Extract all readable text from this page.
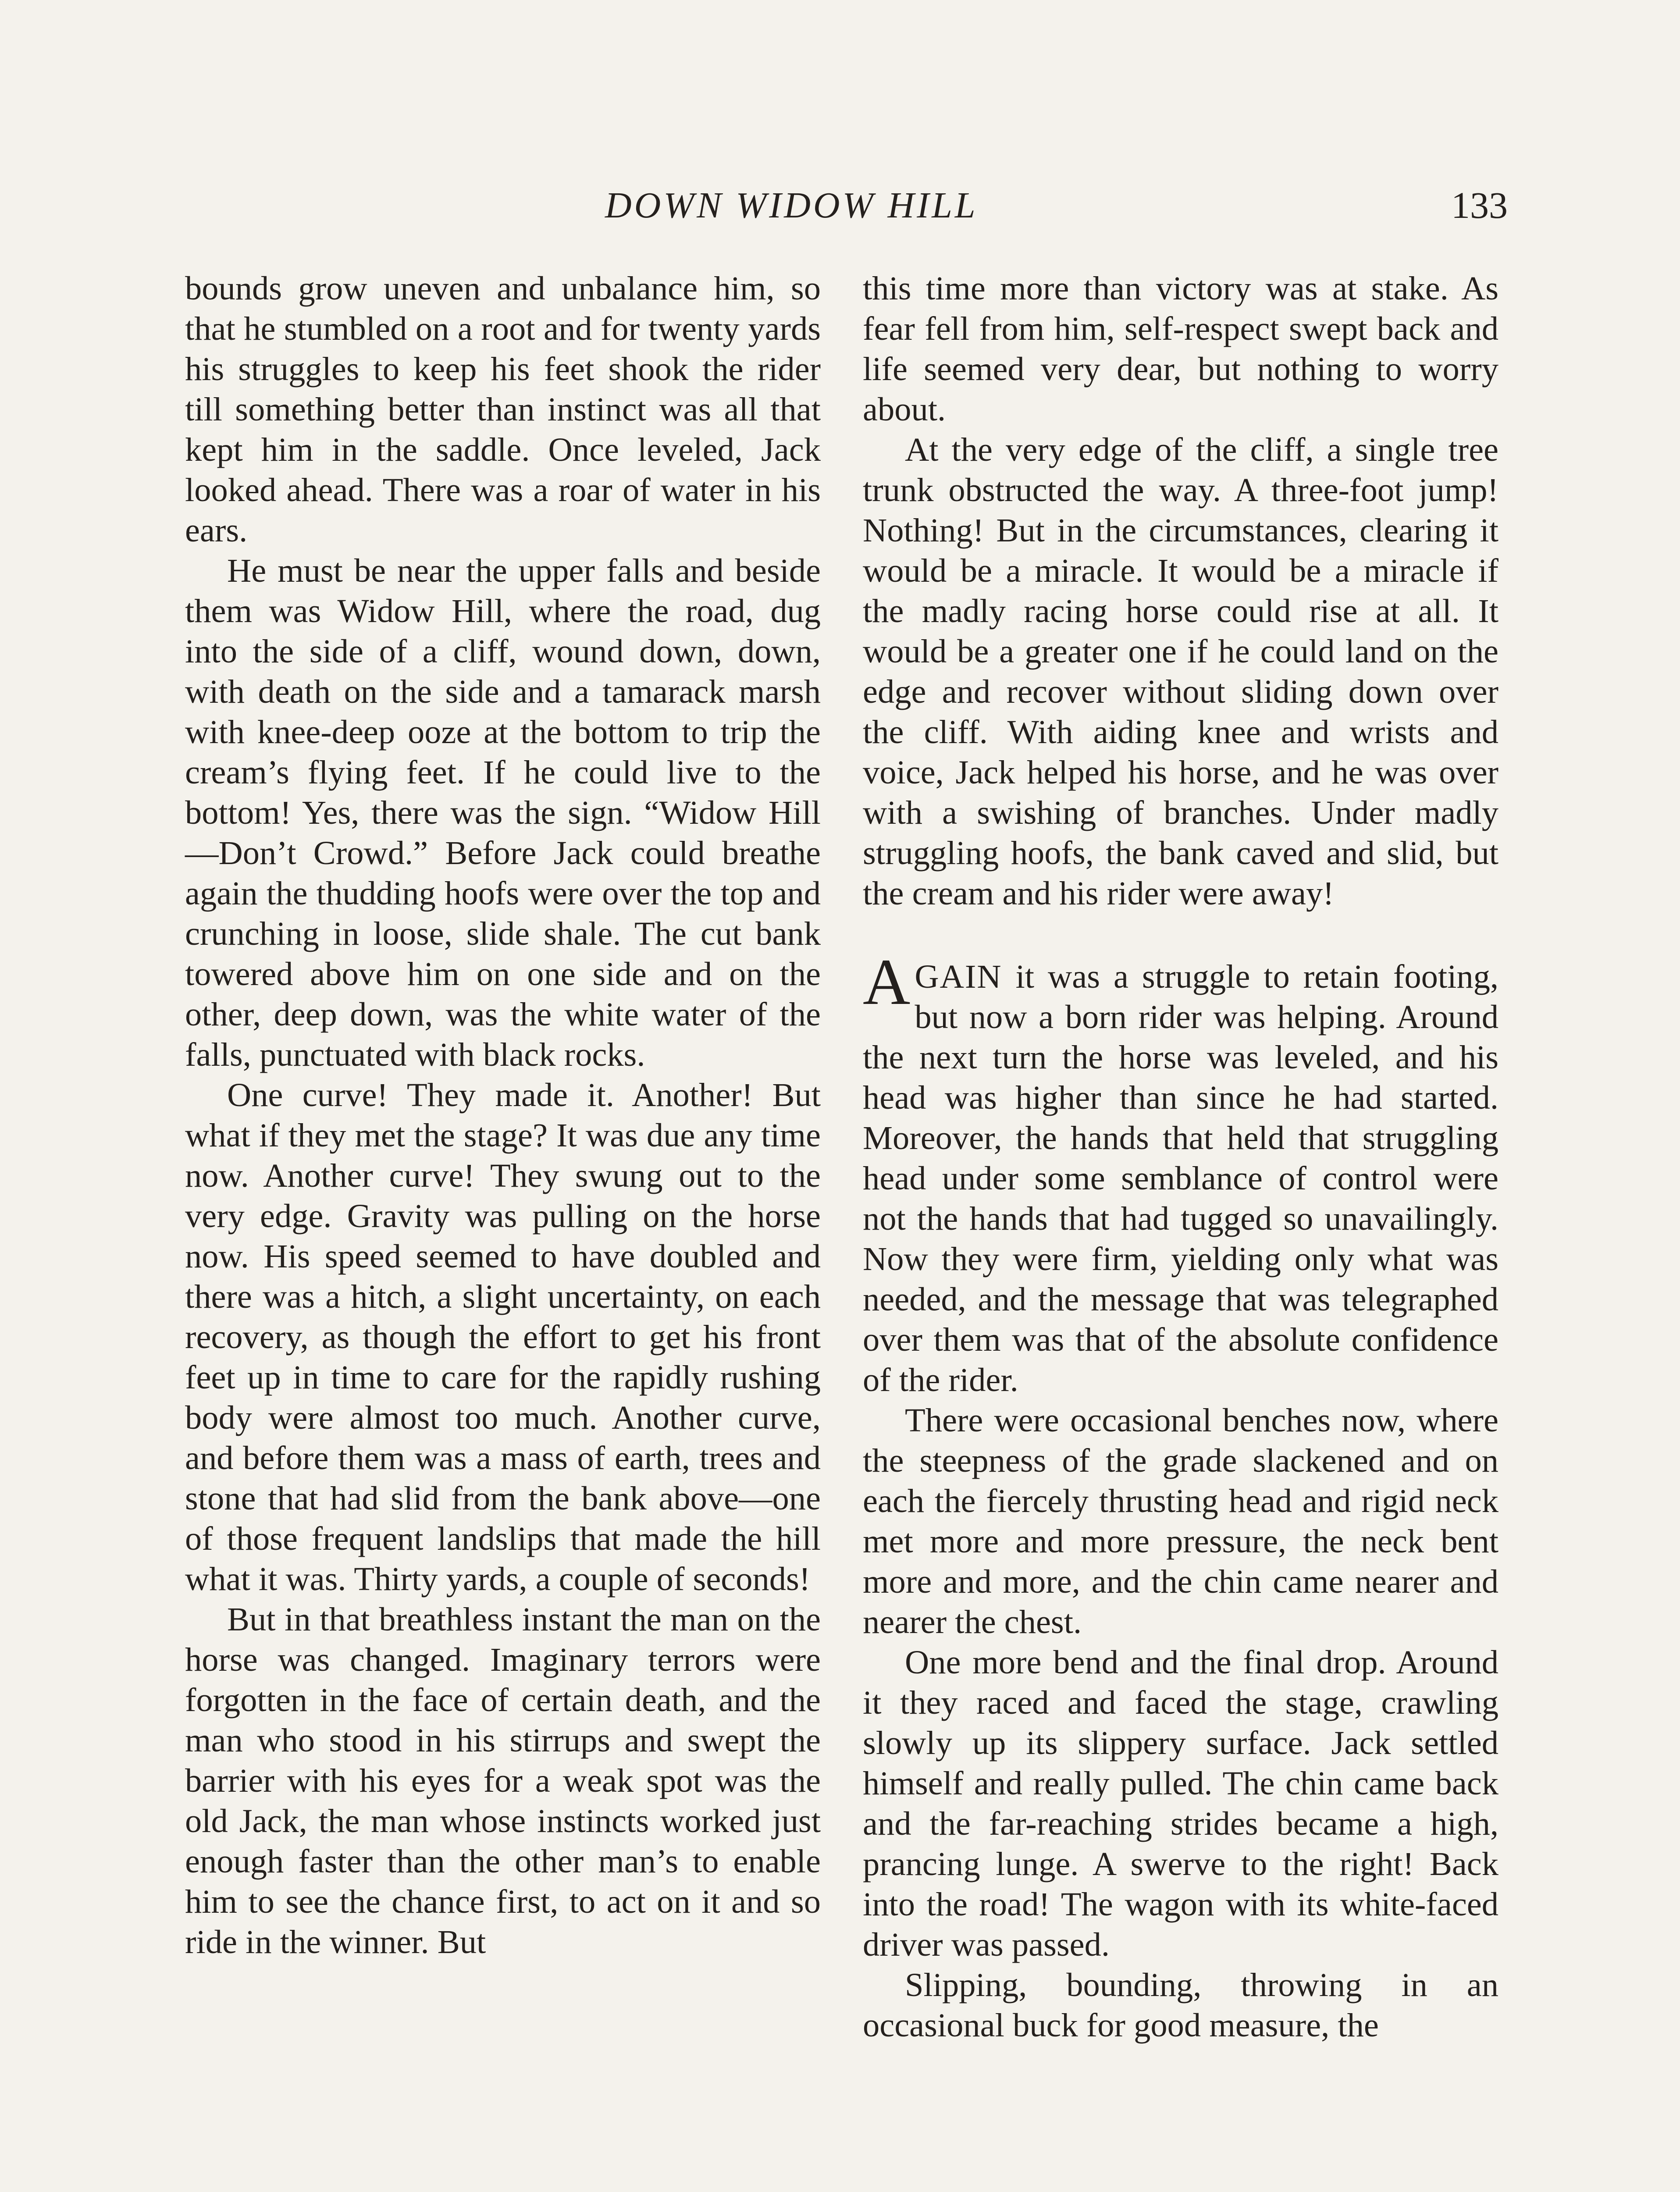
DOWN WIDOW HILL	133

bounds grow uneven and unbalance him, so that he stumbled on a root and for twenty yards his struggles to keep his feet shook the rider till something better than instinct was all that kept him in the saddle. Once leveled, Jack looked ahead. There was a roar of water in his ears.

He must be near the upper falls and beside them was Widow Hill, where the road, dug into the side of a cliff, wound down, down, with death on the side and a tamarack marsh with knee-deep ooze at the bottom to trip the cream’s flying feet. If he could live to the bottom! Yes, there was the sign. “Widow Hill—Don’t Crowd.” Before Jack could breathe again the thudding hoofs were over the top and crunching in loose, slide shale. The cut bank towered above him on one side and on the other, deep down, was the white water of the falls, punctuated with black rocks.

One curve! They made it. Another! But what if they met the stage? It was due any time now. Another curve! They swung out to the very edge. Gravity was pulling on the horse now. His speed seemed to have doubled and there was a hitch, a slight uncertainty, on each recovery, as though the effort to get his front feet up in time to care for the rapidly rushing body were almost too much. Another curve, and before them was a mass of earth, trees and stone that had slid from the bank above—one of those frequent landslips that made the hill what it was. Thirty yards, a couple of seconds!

But in that breathless instant the man on the horse was changed. Imaginary terrors were forgotten in the face of certain death, and the man who stood in his stirrups and swept the barrier with his eyes for a weak spot was the old Jack, the man whose instincts worked just enough faster than the other man’s to enable him to see the chance first, to act on it and so ride in the winner. But

this time more than victory was at stake. As fear fell from him, self-respect swept back and life seemed very dear, but nothing to worry about.

At the very edge of the cliff, a single tree trunk obstructed the way. A three-foot jump! Nothing! But in the circumstances, clearing it would be a miracle. It would be a miracle if the madly racing horse could rise at all. It would be a greater one if he could land on the edge and recover without sliding down over the cliff. With aiding knee and wrists and voice, Jack helped his horse, and he was over with a swishing of branches. Under madly struggling hoofs, the bank caved and slid, but the cream and his rider were away!

AGAIN it was a struggle to retain footing, but now a born rider was helping. Around the next turn the horse was leveled, and his head was higher than since he had started. Moreover, the hands that held that struggling head under some semblance of control were not the hands that had tugged so unavailingly. Now they were firm, yielding only what was needed, and the message that was telegraphed over them was that of the absolute confidence of the rider.

There were occasional benches now, where the steepness of the grade slackened and on each the fiercely thrusting head and rigid neck met more and more pressure, the neck bent more and more, and the chin came nearer and nearer the chest.

One more bend and the final drop. Around it they raced and faced the stage, crawling slowly up its slippery surface. Jack settled himself and really pulled. The chin came back and the far-reaching strides became a high, prancing lunge. A swerve to the right! Back into the road! The wagon with its white-faced driver was passed.

Slipping, bounding, throwing in an occasional buck for good measure, the
